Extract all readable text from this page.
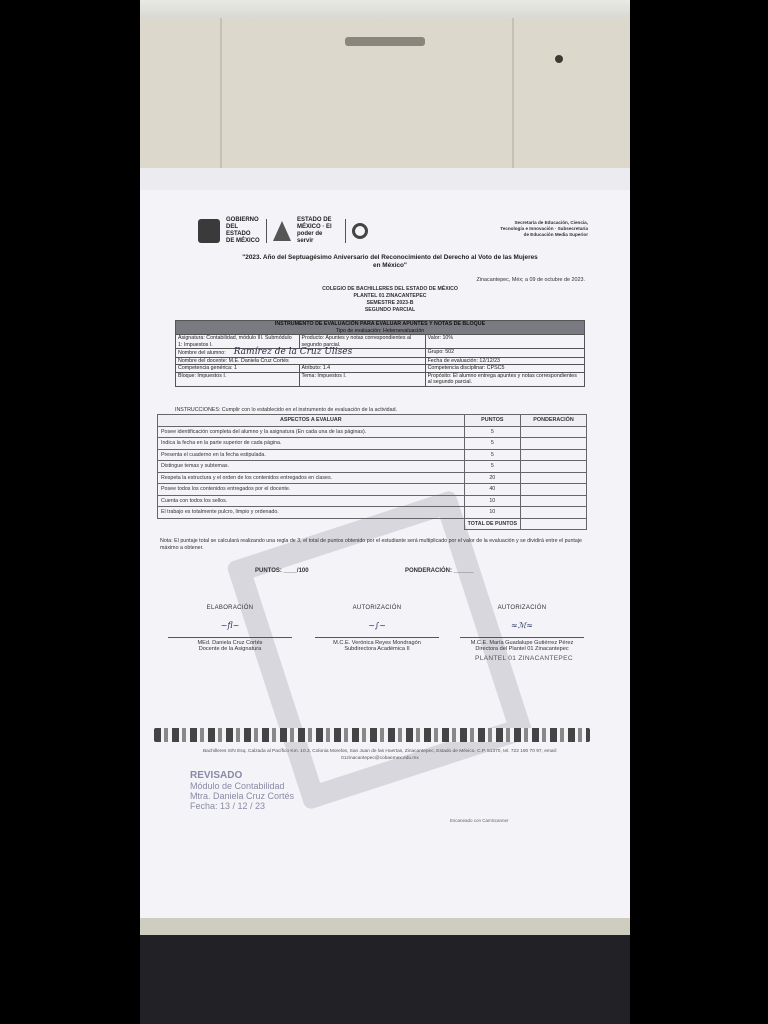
GOBIERNO DEL ESTADO DE MÉXICO
ESTADO DE MÉXICO · El poder de servir
Secretaría de Educación, Ciencia, Tecnología e Innovación · Subsecretaría de Educación Media Superior
"2023. Año del Septuagésimo Aniversario del Reconocimiento del Derecho al Voto de las Mujeres en México"
Zinacantepec, Méx; a 09 de octubre de 2023.
COLEGIO DE BACHILLERES DEL ESTADO DE MÉXICO
PLANTEL 01 ZINACANTEPEC
SEMESTRE 2023-B
SEGUNDO PARCIAL
INSTRUMENTO DE EVALUACIÓN PARA EVALUAR APUNTES Y NOTAS DE BLOQUE
Tipo de evaluación: Heteroevaluación		

Asignatura: Contabilidad, módulo III. Submódulo 1: Impuestos I.	Producto: Apuntes y notas correspondientes al segundo parcial.	Valor: 10%
Nombre del alumno: Ramírez de la Cruz Ulises		Grupo: 502
Nombre del docente: M.E. Daniela Cruz Cortés		Fecha de evaluación: 12/12/23
Competencia genérica: 1	Atributo: 1.4	Competencia disciplinar: CPSC5
Bloque: Impuestos I.	Tema: Impuestos I.	Propósito: El alumno entrega apuntes y notas correspondientes al segundo parcial.
INSTRUCCIONES: Cumplir con lo establecido en el instrumento de evaluación de la actividad.
ASPECTOS A EVALUAR	PUNTOS	PONDERACIÓN
Posee identificación completa del alumno y la asignatura (En cada una de las páginas).	5	
Indica la fecha en la parte superior de cada página.	5	
Presenta el cuaderno en la fecha estipulada.	5	
Distingue temas y subtemas.	5	
Respeta la estructura y el orden de los contenidos entregados en clases.	20	
Posee todos los contenidos entregados por el docente.	40	
Cuenta con todos los sellos.	10	
El trabajo es totalmente pulcro, limpio y ordenado.	10	
	TOTAL DE PUNTOS	
Nota: El puntaje total se calculará realizando una regla de 3, el total de puntos obtenido por el estudiante será multiplicado por el valor de la evaluación y se dividirá entre el puntaje máximo a obtener.
PUNTOS: ____/100	PONDERACIÓN: ______
ELABORACIÓN
~ﬂ~
MEd. Daniela Cruz Cortés
Docente de la Asignatura
AUTORIZACIÓN
~∫~
M.C.E. Verónica Reyes Mondragón
Subdirectora Académica II
AUTORIZACIÓN
≈ℳ≈
M.C.E. María Guadalupe Gutiérrez Pérez
Directora del Plantel 01 Zinacantepec
PLANTEL 01 ZINACANTEPEC
Bachilleres S/N Esq. Calzada al Pacífico Km. 10.3, Colonia Morelos, San Juan de las Huertas, Zinacantepec, Estado de México, C.P. 51370, tel. 722 190 70 97, email: 01zinacantepec@cobaemex.edu.mx
REVISADO
Módulo de Contabilidad
Mtra. Daniela Cruz Cortés
Fecha: 13 / 12 / 23
Escaneado con CamScanner
